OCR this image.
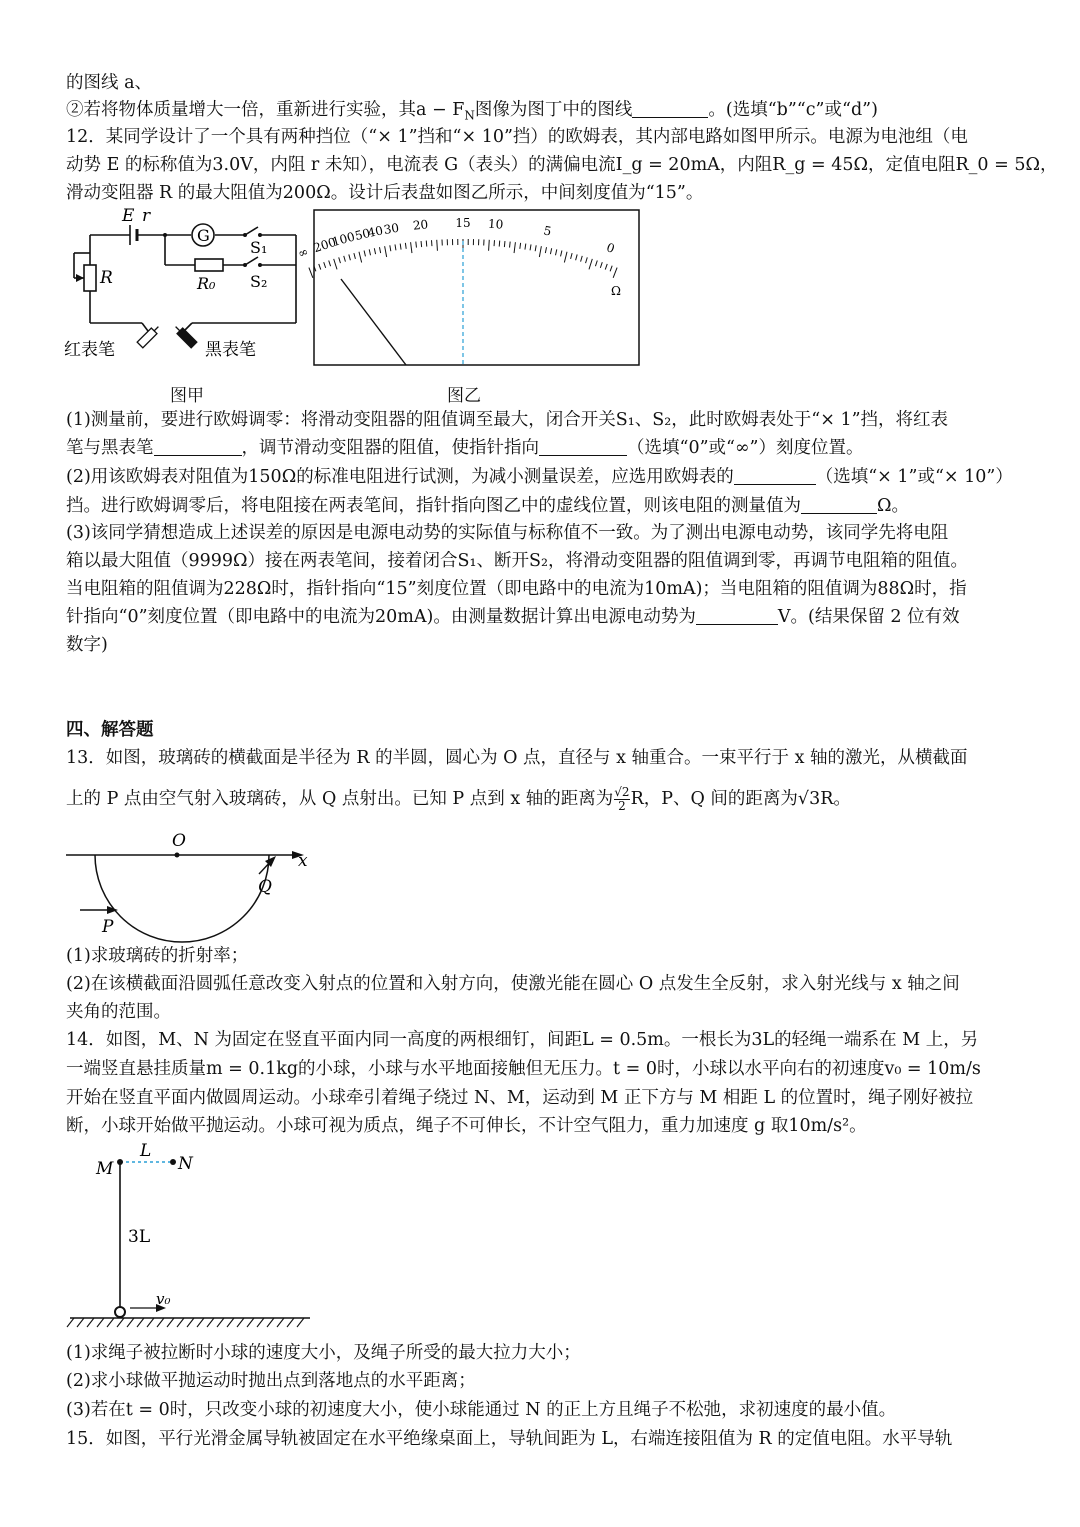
的图线 a、
②若将物体质量增大一倍，重新进行实验，其$a - F_N$图像为图丁中的图线	。(选填“b”“c”或“d”)
12．某同学设计了一个具有两种挡位（“× 1”挡和“× 10”挡）的欧姆表，其内部电路如图甲所示。电源为电池组（电
动势 E 的标称值为3.0V，内阻 r 未知），电流表 G（表头）的满偏电流I_g = 20mA，内阻R_g = 45Ω，定值电阻R_0 = 5Ω，
滑动变阻器 R 的最大阻值为200Ω。设计后表盘如图乙所示，中间刻度值为“15”。
E r
G
R	R₀
S₁
S₂
红表笔	黑表笔
∞ 200
100
50
40
30 20 15 10	5
0
Ω
图甲	图乙
(1)测量前，要进行欧姆调零：将滑动变阻器的阻值调至最大，闭合开关S₁、S₂，此时欧姆表处于“× 1”挡，将红表
笔与黑表笔	，调节滑动变阻器的阻值，使指针指向	（选填“0”或“∞”）刻度位置。
(2)用该欧姆表对阻值为150Ω的标准电阻进行试测，为减小测量误差，应选用欧姆表的	（选填“× 1”或“× 10”）
挡。进行欧姆调零后，将电阻接在两表笔间，指针指向图乙中的虚线位置，则该电阻的测量值为	Ω。
(3)该同学猜想造成上述误差的原因是电源电动势的实际值与标称值不一致。为了测出电源电动势，该同学先将电阻
箱以最大阻值（9999Ω）接在两表笔间，接着闭合S₁、断开S₂，将滑动变阻器的阻值调到零，再调节电阻箱的阻值。
当电阻箱的阻值调为228Ω时，指针指向“15”刻度位置（即电路中的电流为10mA)；当电阻箱的阻值调为88Ω时，指
针指向“0”刻度位置（即电路中的电流为20mA)。由测量数据计算出电源电动势为	V。(结果保留 2 位有效
数字)
四、解答题
13．如图，玻璃砖的横截面是半径为 R 的半圆，圆心为 O 点，直径与 x 轴重合。一束平行于 x 轴的激光，从横截面
上的 P 点由空气射入玻璃砖，从 Q 点射出。已知 P 点到 x 轴的距离为 $\frac{√2}{2}$ R，P、Q 间的距离为√3R。
O
x
Q
P
(1)求玻璃砖的折射率；
(2)在该横截面沿圆弧任意改变入射点的位置和入射方向，使激光能在圆心 O 点发生全反射，求入射光线与 x 轴之间
夹角的范围。
14．如图，M、N 为固定在竖直平面内同一高度的两根细钉，间距L = 0.5m。一根长为3L的轻绳一端系在 M 上，另
一端竖直悬挂质量m = 0.1kg的小球，小球与水平地面接触但无压力。t = 0时，小球以水平向右的初速度v₀ = 10m/s
开始在竖直平面内做圆周运动。小球牵引着绳子绕过 N、M，运动到 M 正下方与 M 相距 L 的位置时，绳子刚好被拉
断，小球开始做平抛运动。小球可视为质点，绳子不可伸长，不计空气阻力，重力加速度 g 取10m/s²。
M	N
L
3L
v₀
(1)求绳子被拉断时小球的速度大小，及绳子所受的最大拉力大小；
(2)求小球做平抛运动时抛出点到落地点的水平距离；
(3)若在t = 0时，只改变小球的初速度大小，使小球能通过 N 的正上方且绳子不松弛，求初速度的最小值。
15．如图，平行光滑金属导轨被固定在水平绝缘桌面上，导轨间距为 L，右端连接阻值为 R 的定值电阻。水平导轨
